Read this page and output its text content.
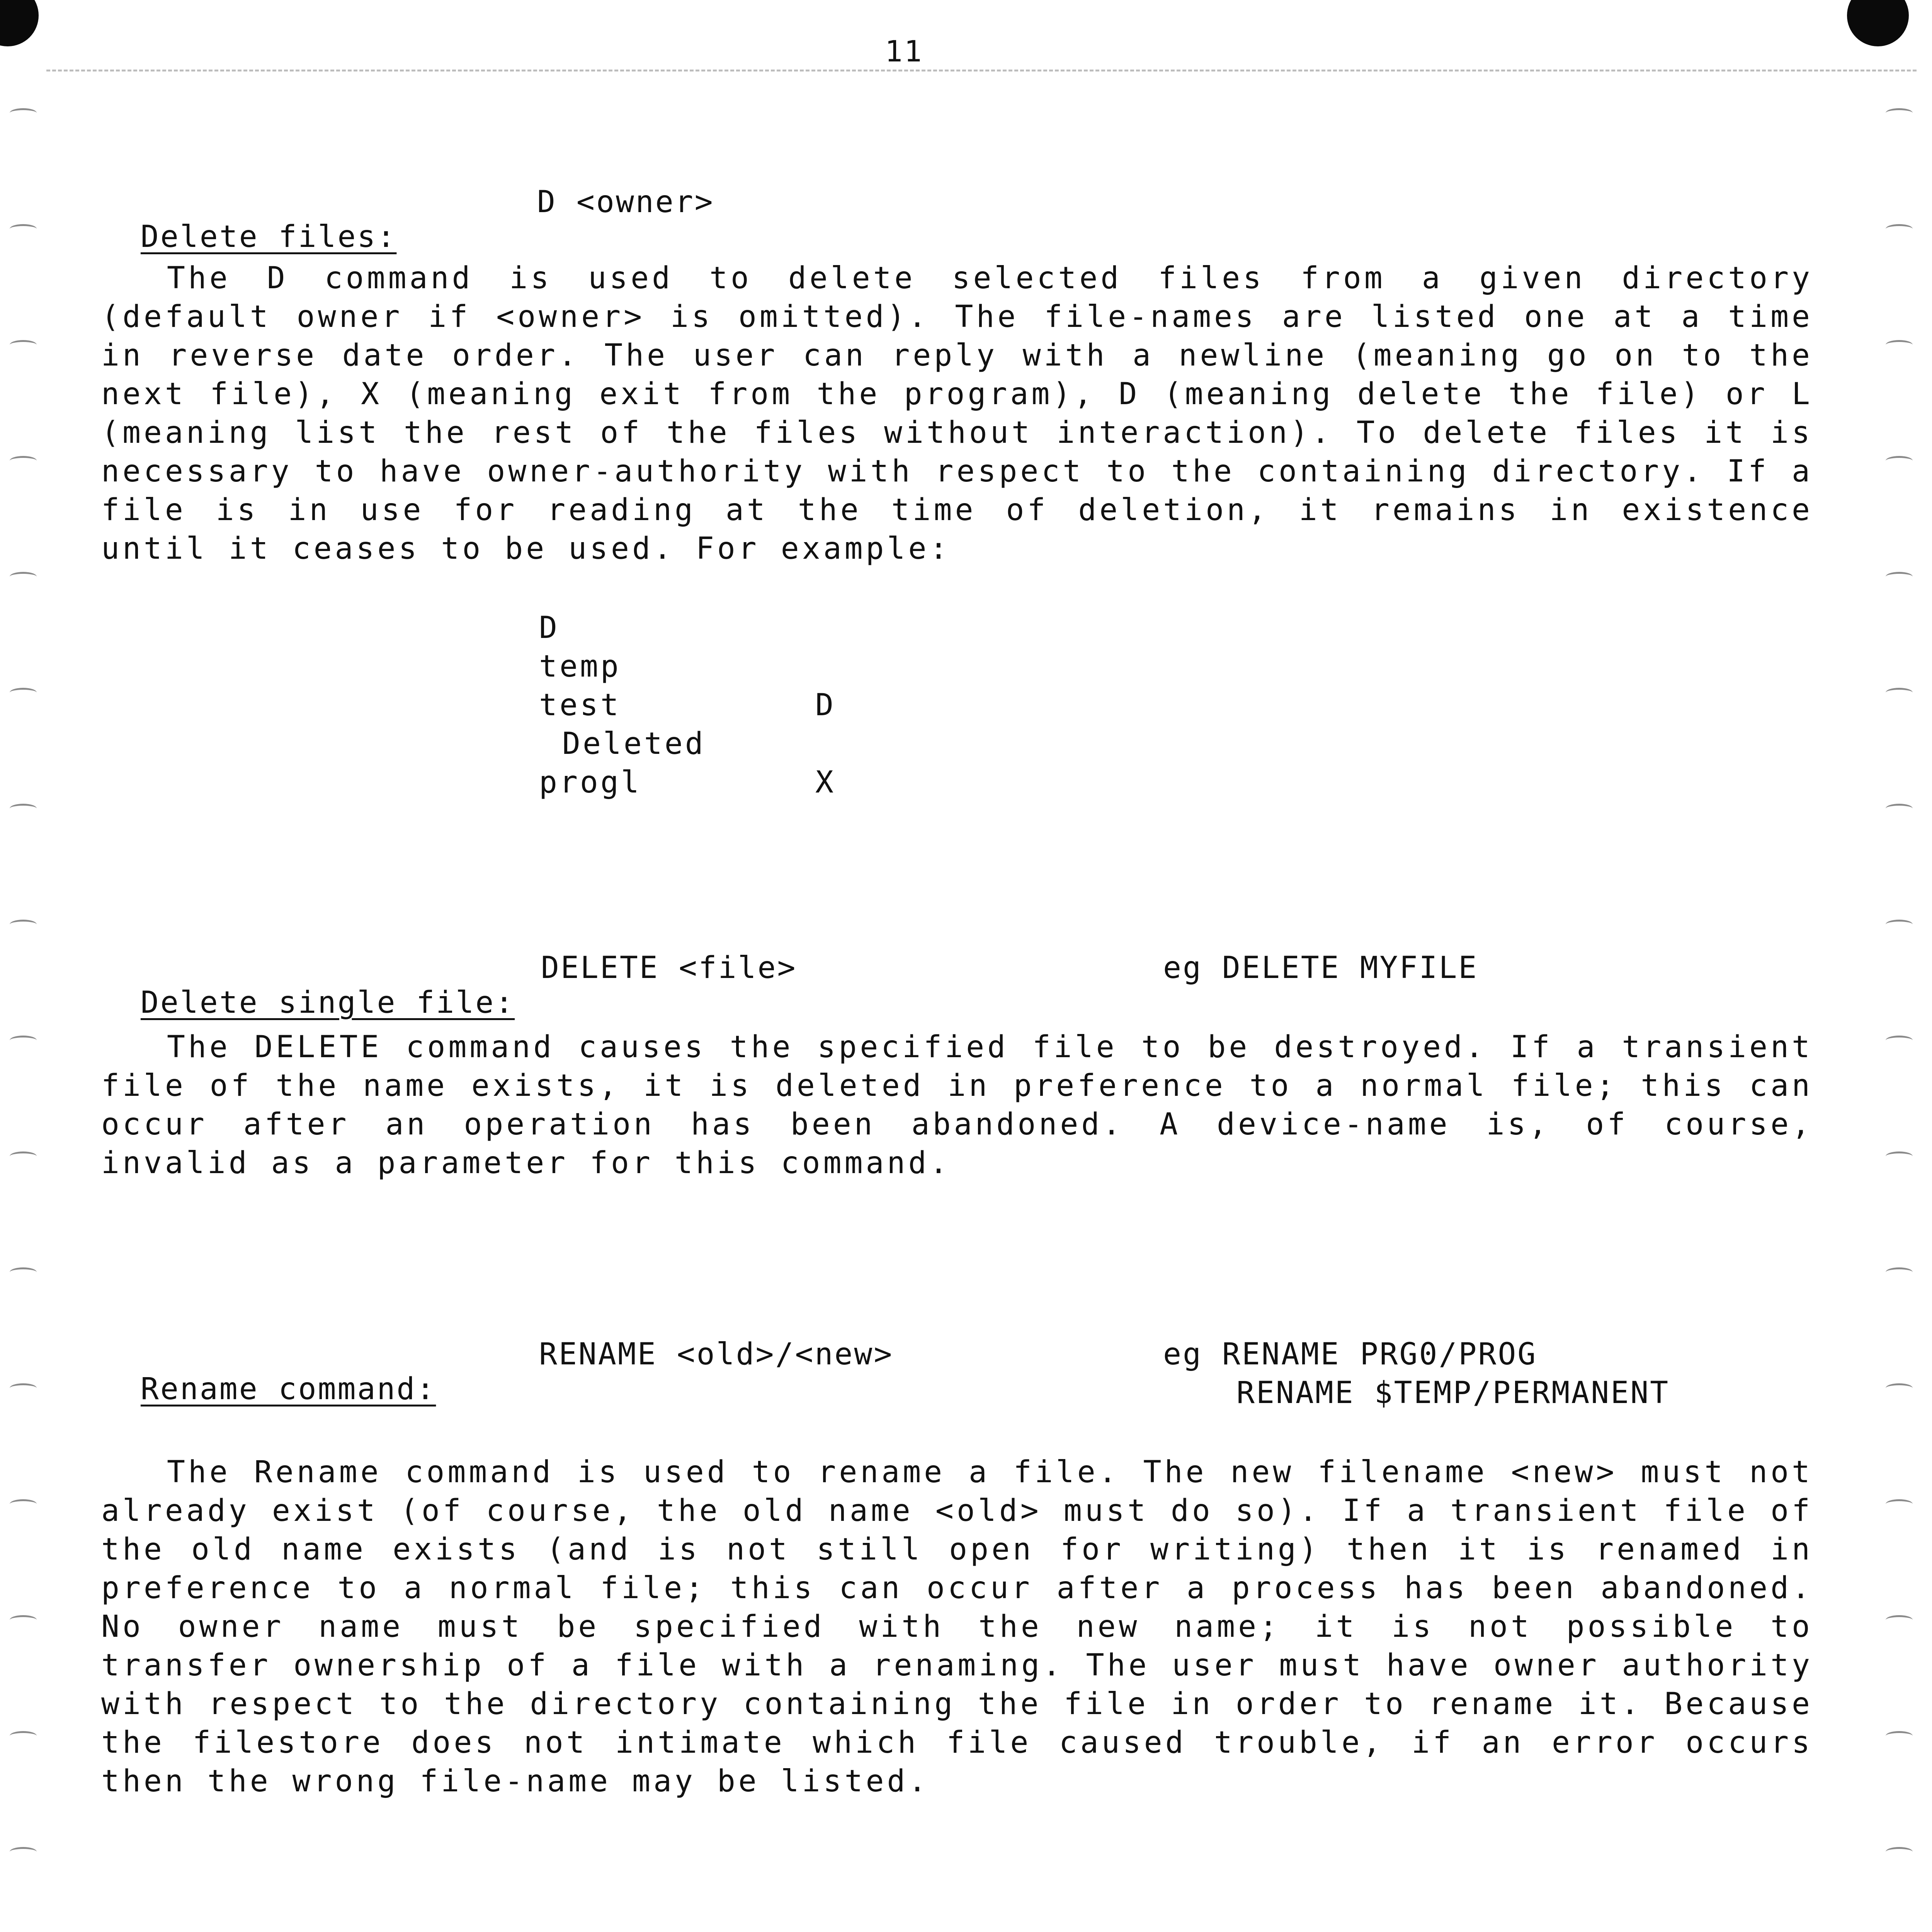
11

Delete files:

D <owner>
The D command is used to delete selected files from a given directory (default owner if <owner> is omitted). The file-names are listed one at a time in reverse date order. The user can reply with a newline (meaning go on to the next file), X (meaning exit from the program), D (meaning delete the file) or L (meaning list the rest of the files without interaction). To delete files it is necessary to have owner-authority with respect to the containing directory. If a file is in use for reading at the time of deletion, it remains in existence until it ceases to be used. For example:
D
temp
test	D
Deleted
progl	X

Delete single file:

DELETE <file>	eg DELETE MYFILE
The DELETE command causes the specified file to be destroyed. If a transient file of the name exists, it is deleted in preference to a normal file; this can occur after an operation has been abandoned. A device-name is, of course, invalid as a parameter for this command.

Rename command:

RENAME <old>/<new>	eg RENAME PRG0/PROG
RENAME $TEMP/PERMANENT
The Rename command is used to rename a file. The new filename <new> must not already exist (of course, the old name <old> must do so). If a transient file of the old name exists (and is not still open for writing) then it is renamed in preference to a normal file; this can occur after a process has been abandoned. No owner name must be specified with the new name; it is not possible to transfer ownership of a file with a renaming. The user must have owner authority with respect to the directory containing the file in order to rename it. Because the filestore does not intimate which file caused trouble, if an error occurs then the wrong file-name may be listed.
